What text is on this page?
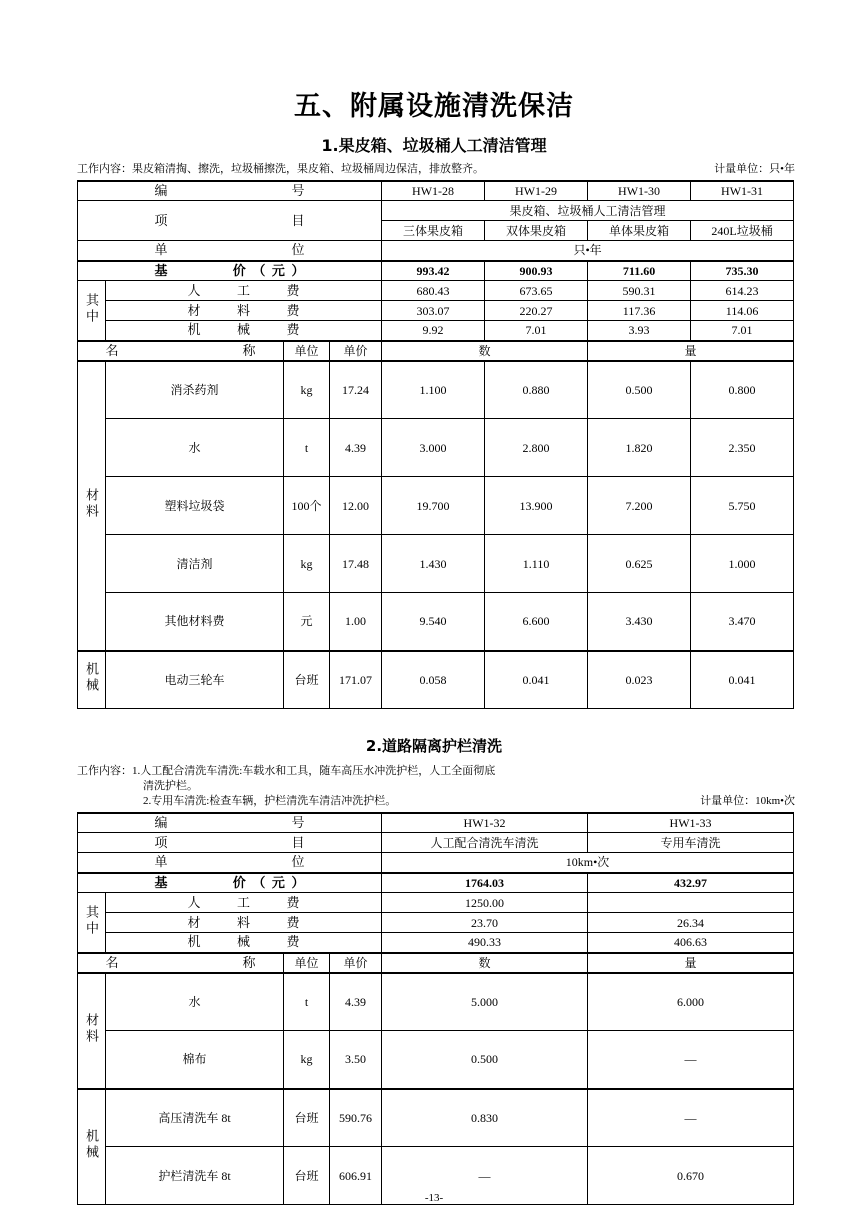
五、附属设施清洗保洁
1.果皮箱、垃圾桶人工清洁管理
工作内容：果皮箱清掏、擦洗，垃圾桶擦洗，果皮箱、垃圾桶周边保洁，排放整齐。	计量单位：只•年
编　　　　号				HW1-28	HW1-29	HW1-30	HW1-31
项　　　　目				果皮箱、垃圾桶人工清洁管理			
				三体果皮箱	双体果皮箱	单体果皮箱	240L垃圾桶
单　　　　位				只•年			
基　　　价（元）				993.42	900.93	711.60	735.30
其中	人　工　费			680.43	673.65	590.31	614.23
	材　料　费			303.07	220.27	117.36	114.06
	机　械　费			9.92	7.01	3.93	7.01
名　　　称		单位	单价	数		量	
材料	消杀药剂	kg	17.24	1.100	0.880	0.500	0.800
	水	t	4.39	3.000	2.800	1.820	2.350
	塑料垃圾袋	100个	12.00	19.700	13.900	7.200	5.750
	清洁剂	kg	17.48	1.430	1.110	0.625	1.000
	其他材料费	元	1.00	9.540	6.600	3.430	3.470
机械	电动三轮车	台班	171.07	0.058	0.041	0.023	0.041
2.道路隔离护栏清洗
工作内容：1.人工配合清洗车清洗:车载水和工具，随车高压水冲洗护栏，人工全面彻底
清洗护栏。
2.专用车清洗:检查车辆，护栏清洗车清洁冲洗护栏。	计量单位：10km•次
编　　　　号				HW1-32	HW1-33
项　　　　目				人工配合清洗车清洗	专用车清洗
单　　　　位				10km•次	
基　　　价（元）				1764.03	432.97
其中	人　工　费			1250.00	
	材　料　费			23.70	26.34
	机　械　费			490.33	406.63
名　　　称		单位	单价	数	量
材料	水	t	4.39	5.000	6.000
	棉布	kg	3.50	0.500	—
机械	高压清洗车 8t	台班	590.76	0.830	—
	护栏清洗车 8t	台班	606.91	—	0.670
-13-
